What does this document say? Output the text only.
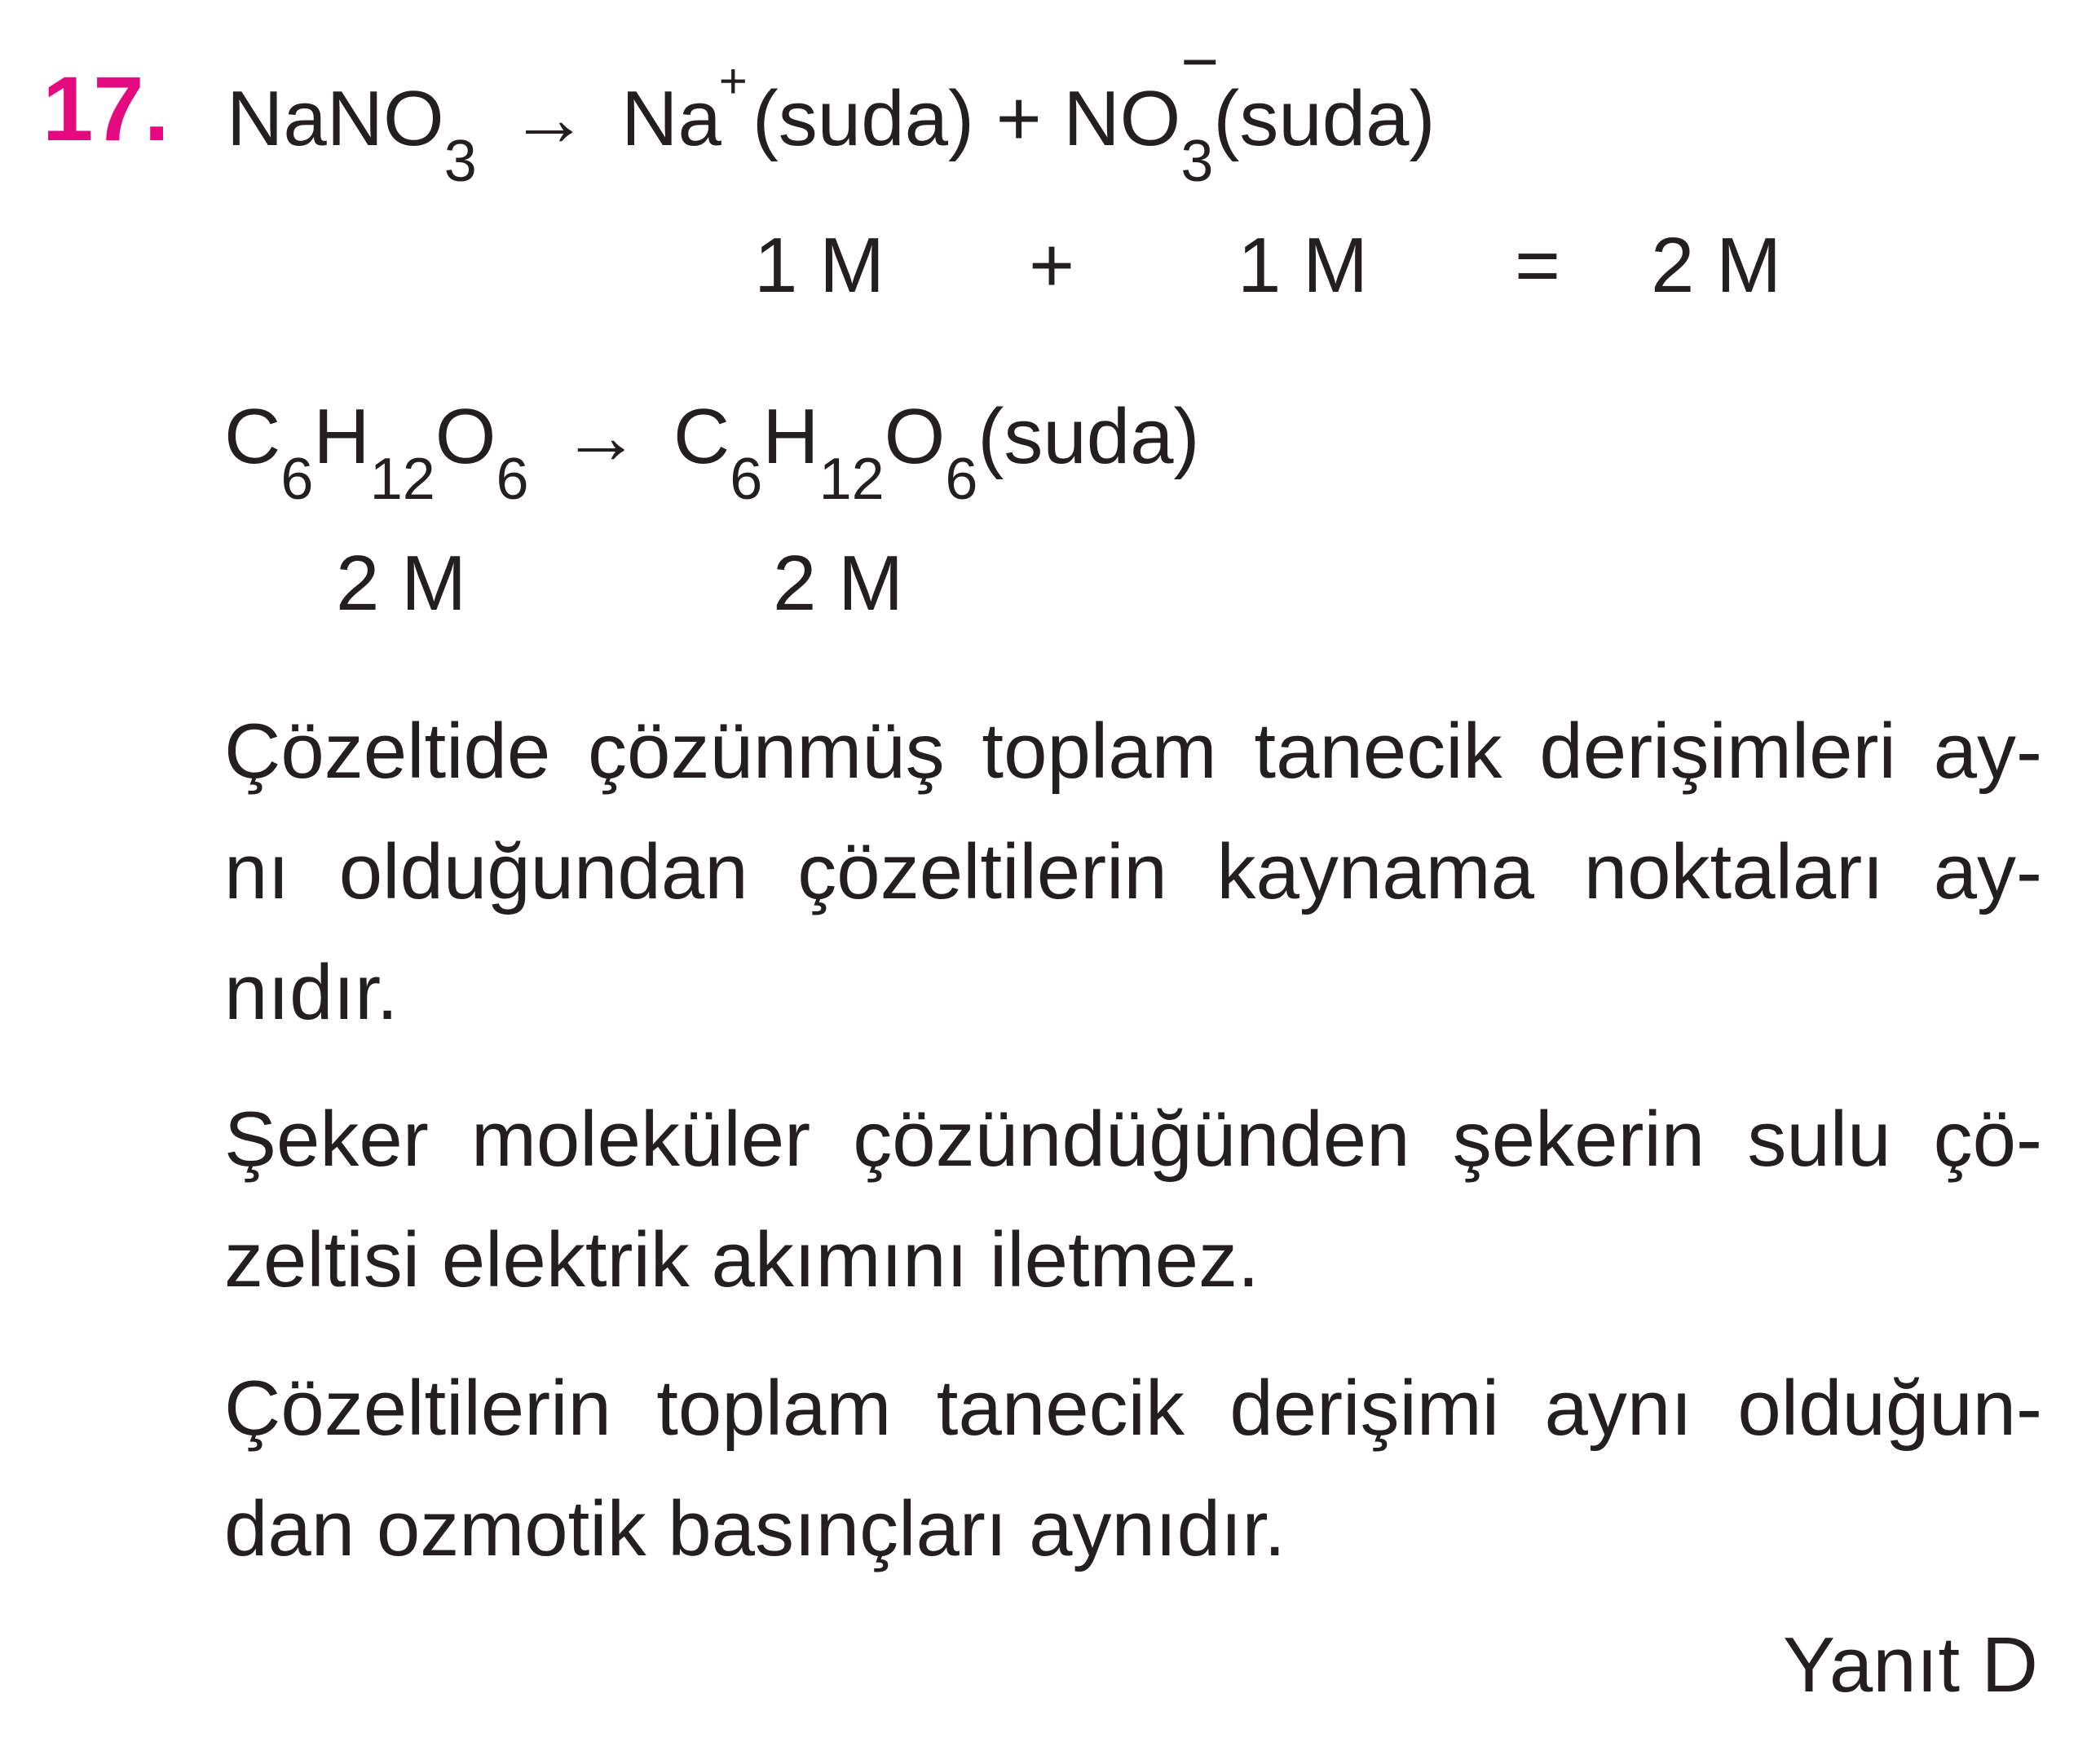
17. NaNO$_3$ → Na
+ (suda) + $NO_3$
−
(suda)
1 M + 1 M = 2 M
$C_6H_{12}O_6$ → $C_6H_{12}O_6(suda)$
2 M	2 M
Çözeltide çözünmüş toplam tanecik derişimleri ay- nı olduğundan çözeltilerin kaynama noktaları ay- nıdır.
Şeker moleküler çözündüğünden şekerin sulu çö- zeltisi elektrik akımını iletmez.
Çözeltilerin toplam tanecik derişimi aynı olduğun- dan ozmotik basınçları aynıdır.
Yanıt D
